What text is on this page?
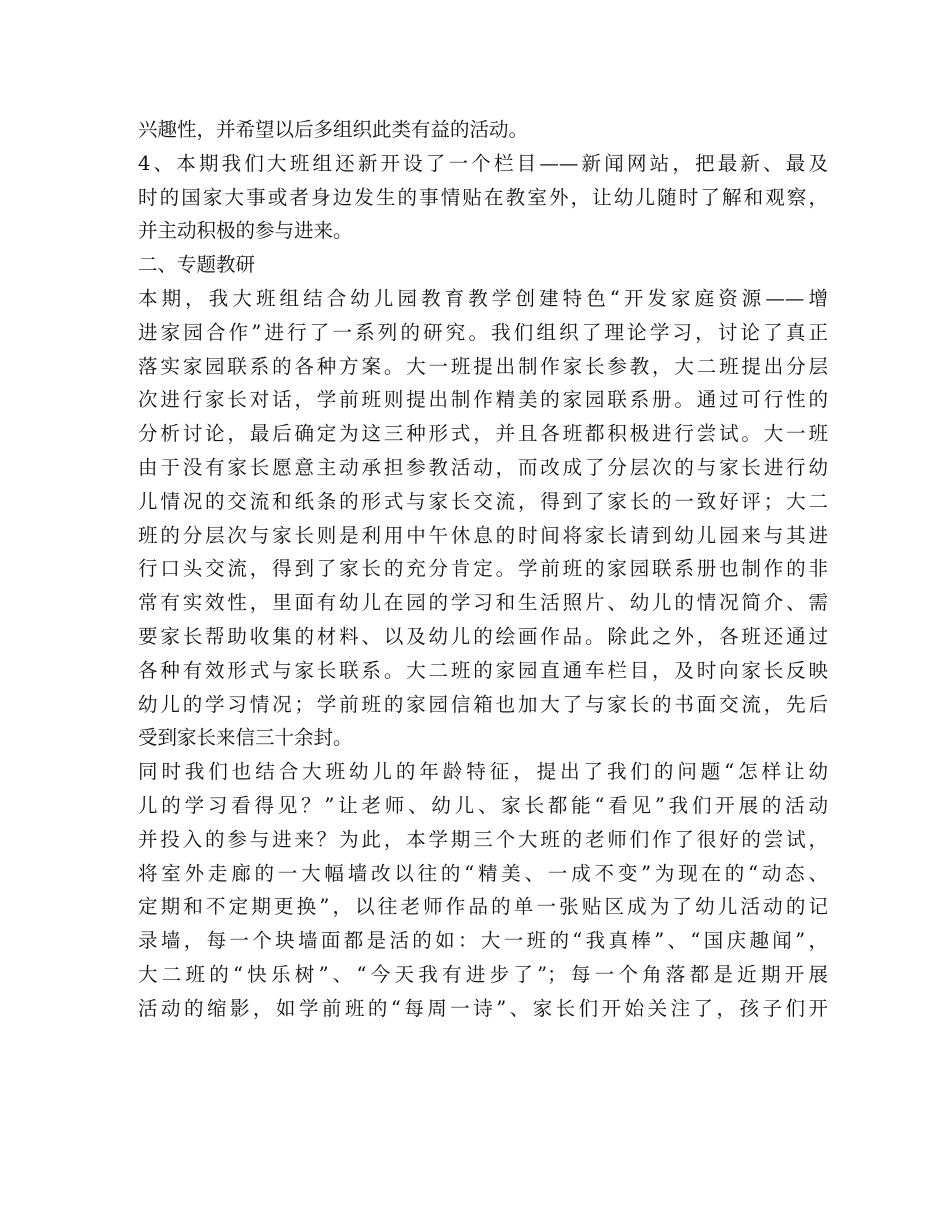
兴趣性，并希望以后多组织此类有益的活动。
4、本期我们大班组还新开设了一个栏目——新闻网站，把最新、最及
时的国家大事或者身边发生的事情贴在教室外，让幼儿随时了解和观察，
并主动积极的参与进来。
二、专题教研
本期，我大班组结合幼儿园教育教学创建特色“开发家庭资源——增
进家园合作”进行了一系列的研究。我们组织了理论学习，讨论了真正
落实家园联系的各种方案。大一班提出制作家长参教，大二班提出分层
次进行家长对话，学前班则提出制作精美的家园联系册。通过可行性的
分析讨论，最后确定为这三种形式，并且各班都积极进行尝试。大一班
由于没有家长愿意主动承担参教活动，而改成了分层次的与家长进行幼
儿情况的交流和纸条的形式与家长交流，得到了家长的一致好评；大二
班的分层次与家长则是利用中午休息的时间将家长请到幼儿园来与其进
行口头交流，得到了家长的充分肯定。学前班的家园联系册也制作的非
常有实效性，里面有幼儿在园的学习和生活照片、幼儿的情况简介、需
要家长帮助收集的材料、以及幼儿的绘画作品。除此之外，各班还通过
各种有效形式与家长联系。大二班的家园直通车栏目，及时向家长反映
幼儿的学习情况；学前班的家园信箱也加大了与家长的书面交流，先后
受到家长来信三十余封。
同时我们也结合大班幼儿的年龄特征，提出了我们的问题“怎样让幼
儿的学习看得见？”让老师、幼儿、家长都能“看见”我们开展的活动
并投入的参与进来？为此，本学期三个大班的老师们作了很好的尝试，
将室外走廊的一大幅墙改以往的“精美、一成不变”为现在的“动态、
定期和不定期更换”，以往老师作品的单一张贴区成为了幼儿活动的记
录墙，每一个块墙面都是活的如：大一班的“我真棒”、“国庆趣闻”，
大二班的“快乐树”、“今天我有进步了”；每一个角落都是近期开展
活动的缩影，如学前班的“每周一诗”、家长们开始关注了，孩子们开
